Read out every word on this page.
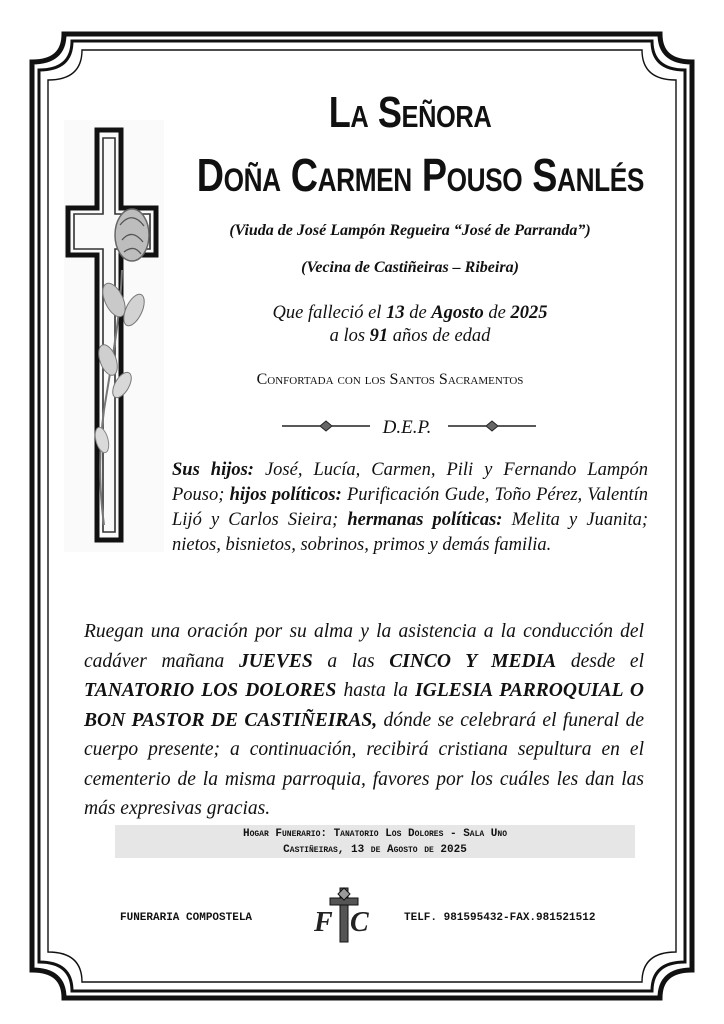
La Señora
Doña Carmen Pouso Sanlés
(Viuda de José Lampón Regueira “José de Parranda”)
(Vecina de Castiñeiras – Ribeira)
Que falleció el 13 de Agosto de 2025
a los 91 años de edad
Confortada con los Santos Sacramentos
D.E.P.
Sus hijos: José, Lucía, Carmen, Pili y Fernando Lampón Pouso; hijos políticos: Purificación Gude, Toño Pérez, Valentín Lijó y Carlos Sieira; hermanas políticas: Melita y Juanita; nietos, bisnietos, sobrinos, primos y demás familia.
Ruegan una oración por su alma y la asistencia a la conducción del cadáver mañana JUEVES a las CINCO Y MEDIA desde el TANATORIO LOS DOLORES hasta la IGLESIA PARROQUIAL O BON PASTOR DE CASTIÑEIRAS, dónde se celebrará el funeral de cuerpo presente; a continuación, recibirá cristiana sepultura en el cementerio de la misma parroquia, favores por los cuáles les dan las más expresivas gracias.
Hogar Funerario: Tanatorio Los Dolores - Sala Uno
Castiñeiras, 13 de Agosto de 2025
FUNERARIA COMPOSTELA F C	TELF. 981595432-FAX.981521512
